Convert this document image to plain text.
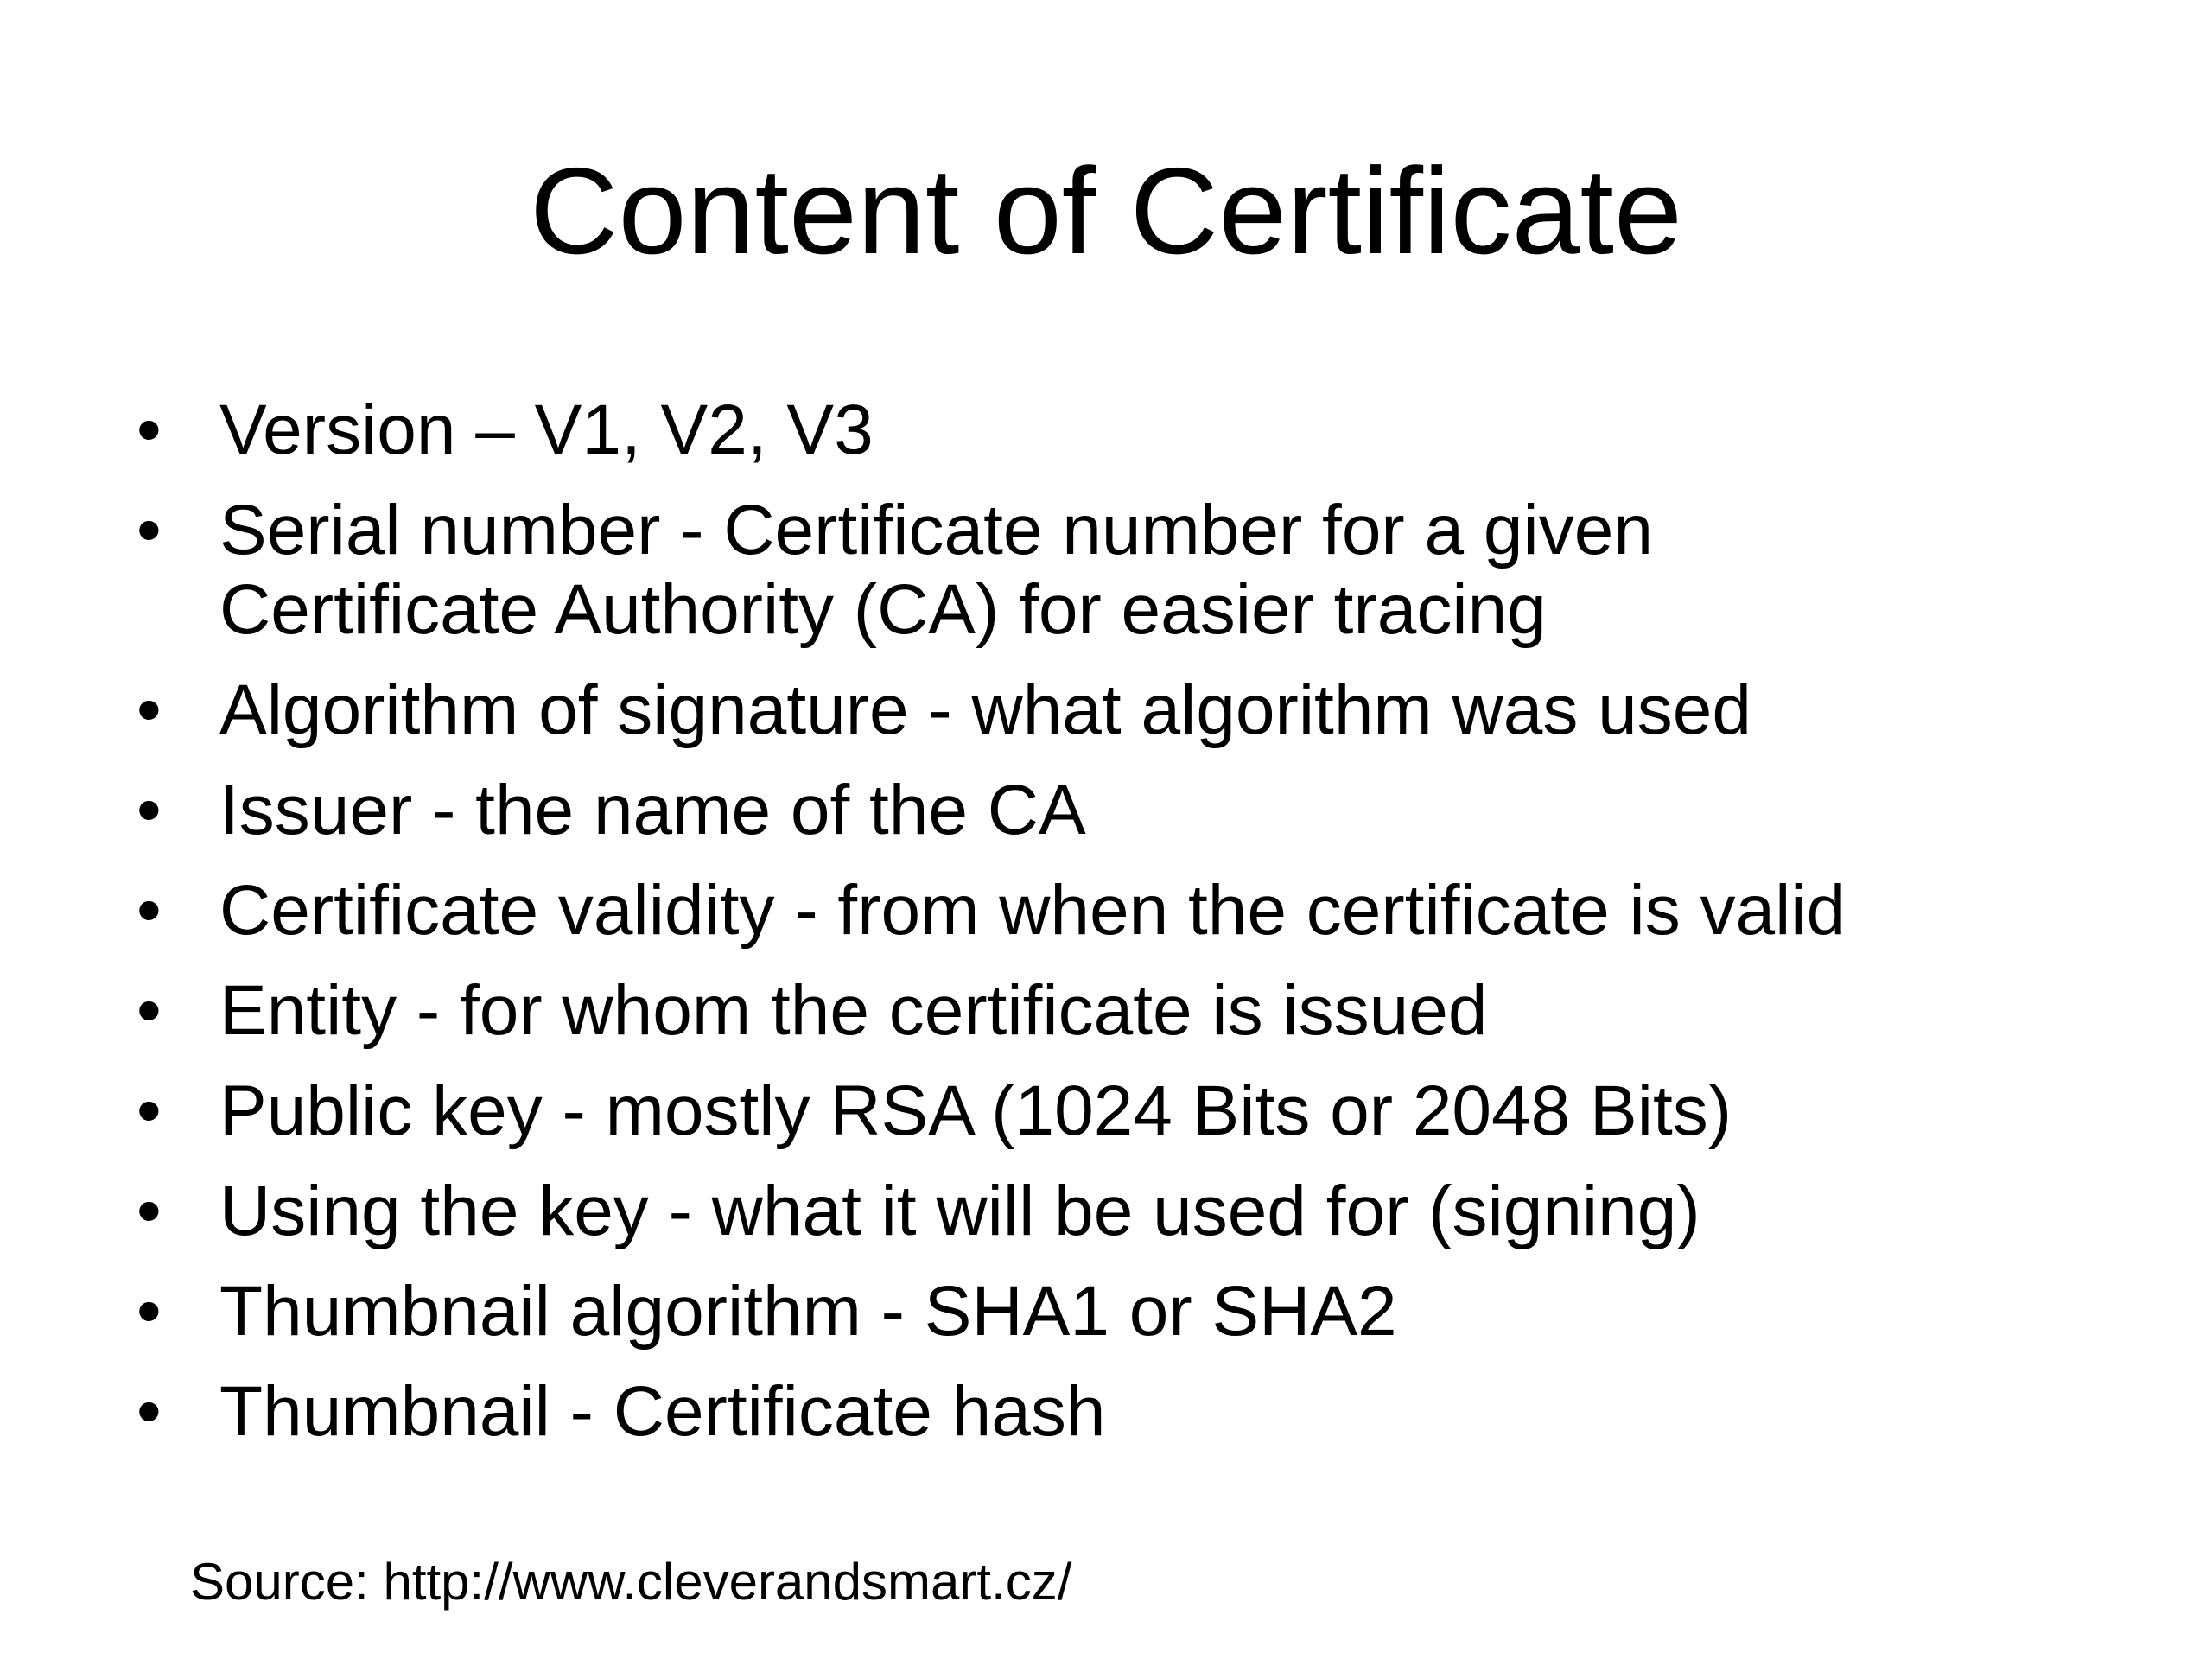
Content of Certificate
• Version – V1, V2, V3
• Serial number - Certificate number for a given Certificate Authority (CA) for easier tracing
• Algorithm of signature - what algorithm was used
• Issuer - the name of the CA
• Certificate validity - from when the certificate is valid
• Entity - for whom the certificate is issued
• Public key - mostly RSA (1024 Bits or 2048 Bits)
• Using the key - what it will be used for (signing)
• Thumbnail algorithm - SHA1 or SHA2
• Thumbnail - Certificate hash
Source: http://www.cleverandsmart.cz/
